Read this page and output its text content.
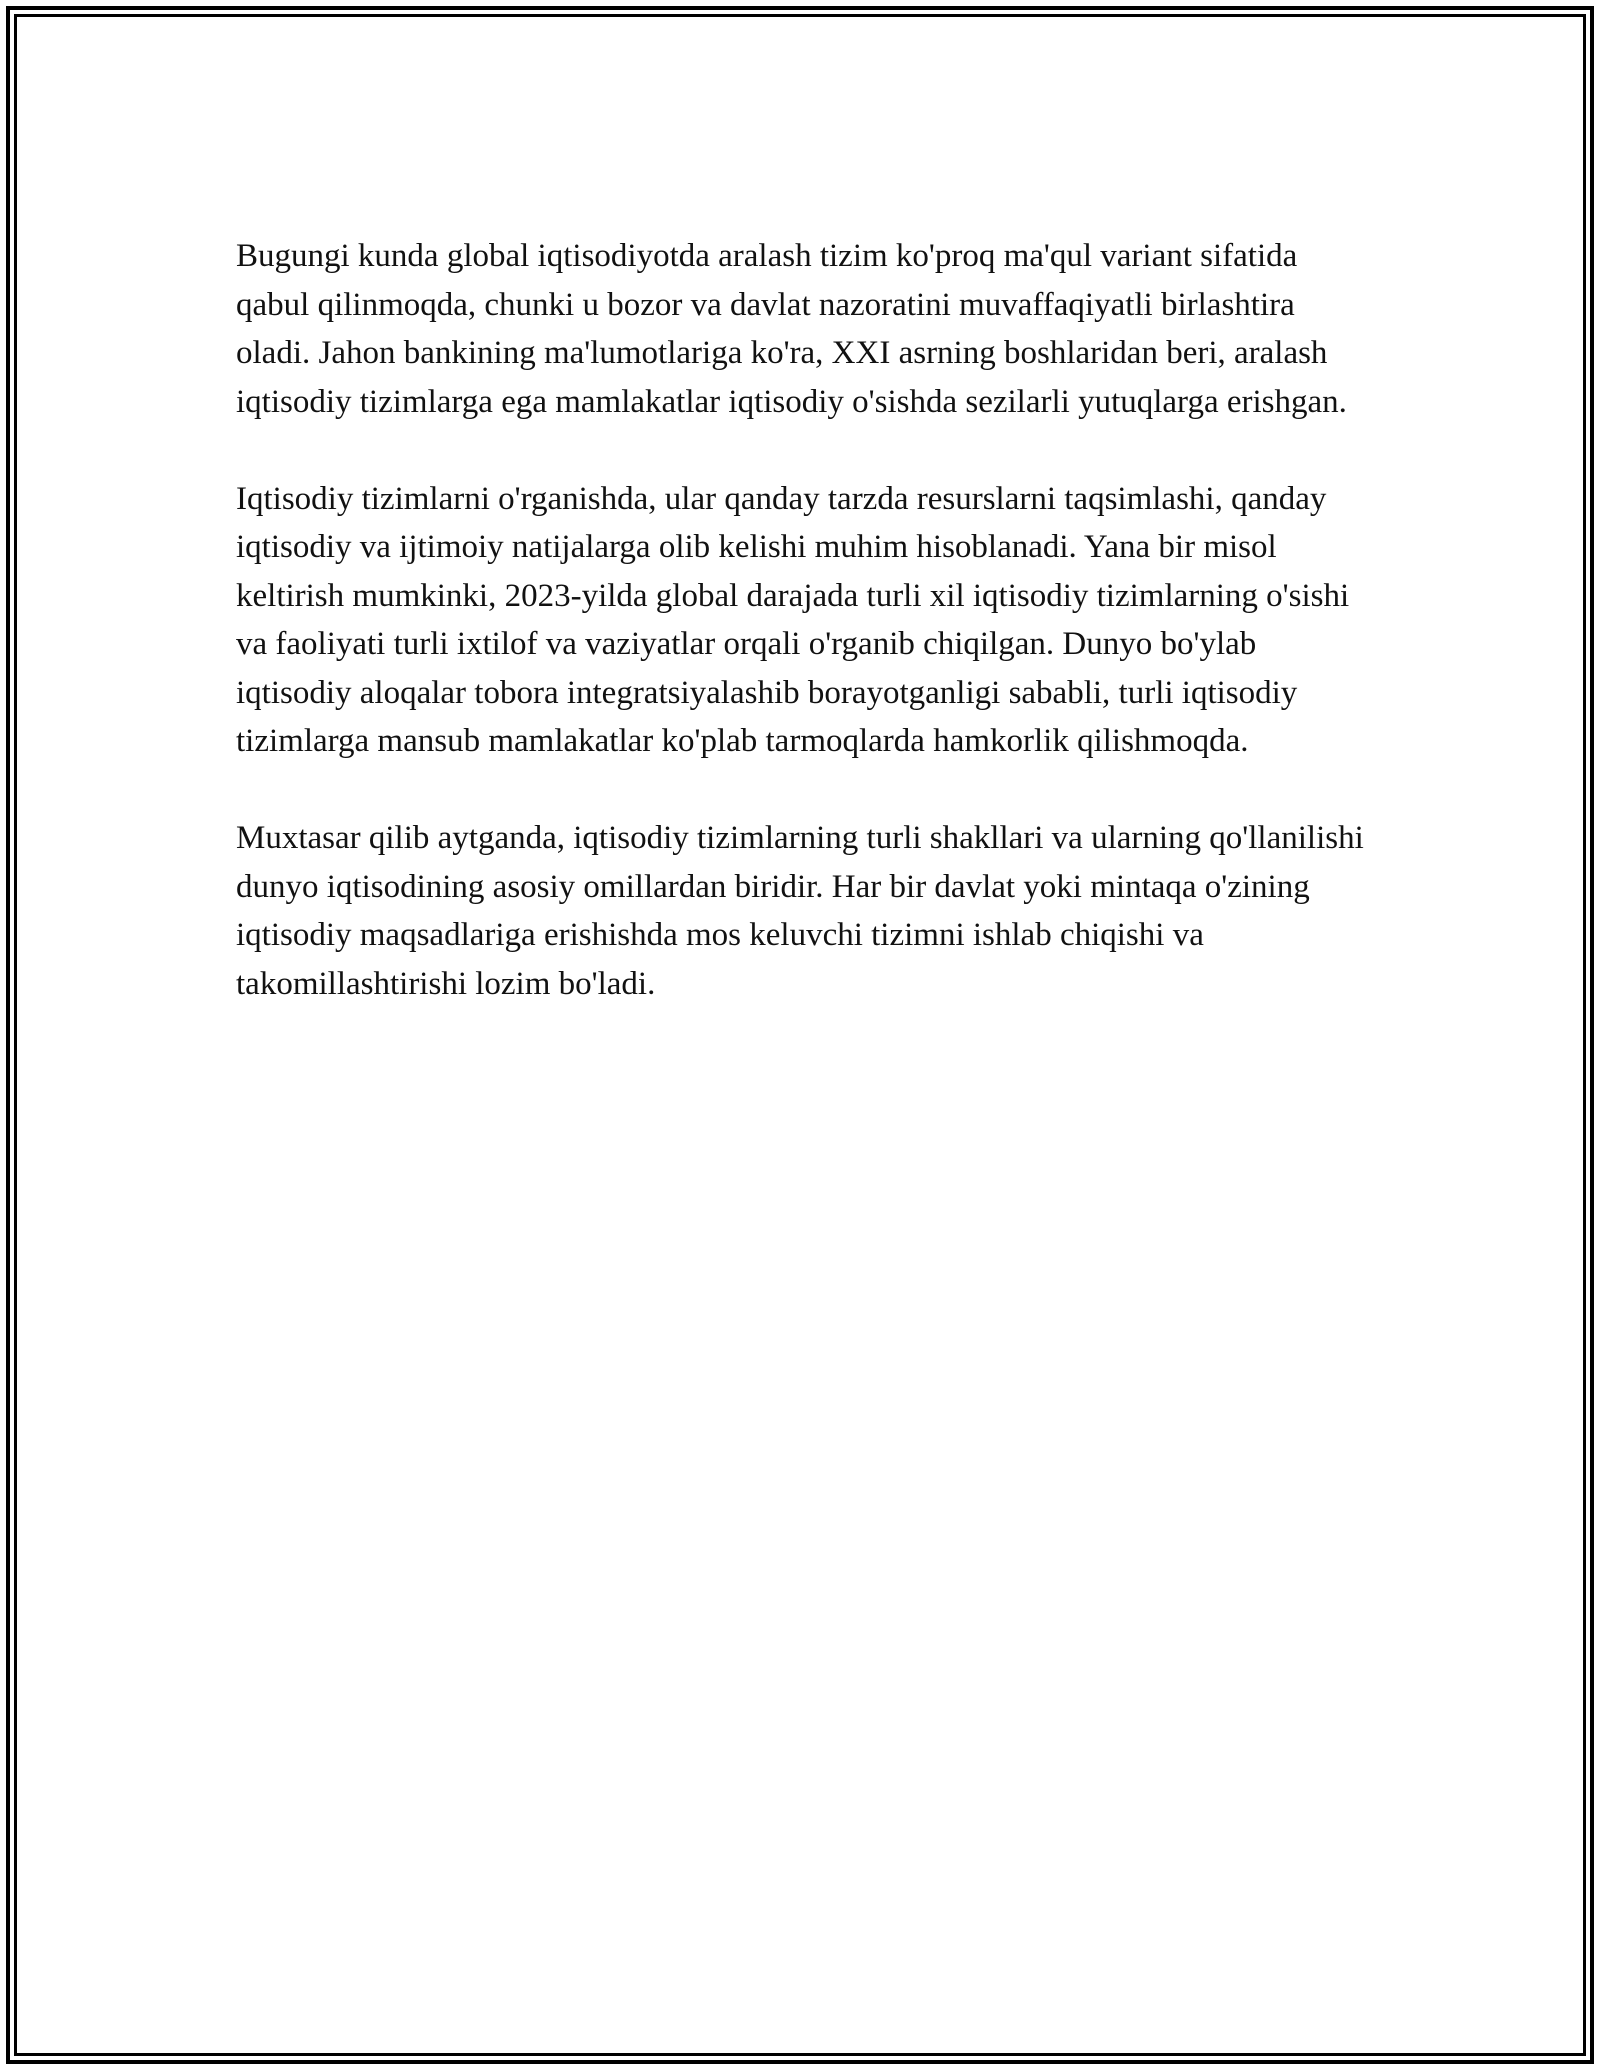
Bugungi kunda global iqtisodiyotda aralash tizim ko'proq ma'qul variant sifatida qabul qilinmoqda, chunki u bozor va davlat nazoratini muvaffaqiyatli birlashtira oladi. Jahon bankining ma'lumotlariga ko'ra, XXI asrning boshlaridan beri, aralash iqtisodiy tizimlarga ega mamlakatlar iqtisodiy o'sishda sezilarli yutuqlarga erishgan.

Iqtisodiy tizimlarni o'rganishda, ular qanday tarzda resurslarni taqsimlashi, qanday iqtisodiy va ijtimoiy natijalarga olib kelishi muhim hisoblanadi. Yana bir misol keltirish mumkinki, 2023-yilda global darajada turli xil iqtisodiy tizimlarning o'sishi va faoliyati turli ixtilof va vaziyatlar orqali o'rganib chiqilgan. Dunyo bo'ylab iqtisodiy aloqalar tobora integratsiyalashib borayotganligi sababli, turli iqtisodiy tizimlarga mansub mamlakatlar ko'plab tarmoqlarda hamkorlik qilishmoqda.

Muxtasar qilib aytganda, iqtisodiy tizimlarning turli shakllari va ularning qo'llanilishi dunyo iqtisodining asosiy omillardan biridir. Har bir davlat yoki mintaqa o'zining iqtisodiy maqsadlariga erishishda mos keluvchi tizimni ishlab chiqishi va takomillashtirishi lozim bo'ladi.
